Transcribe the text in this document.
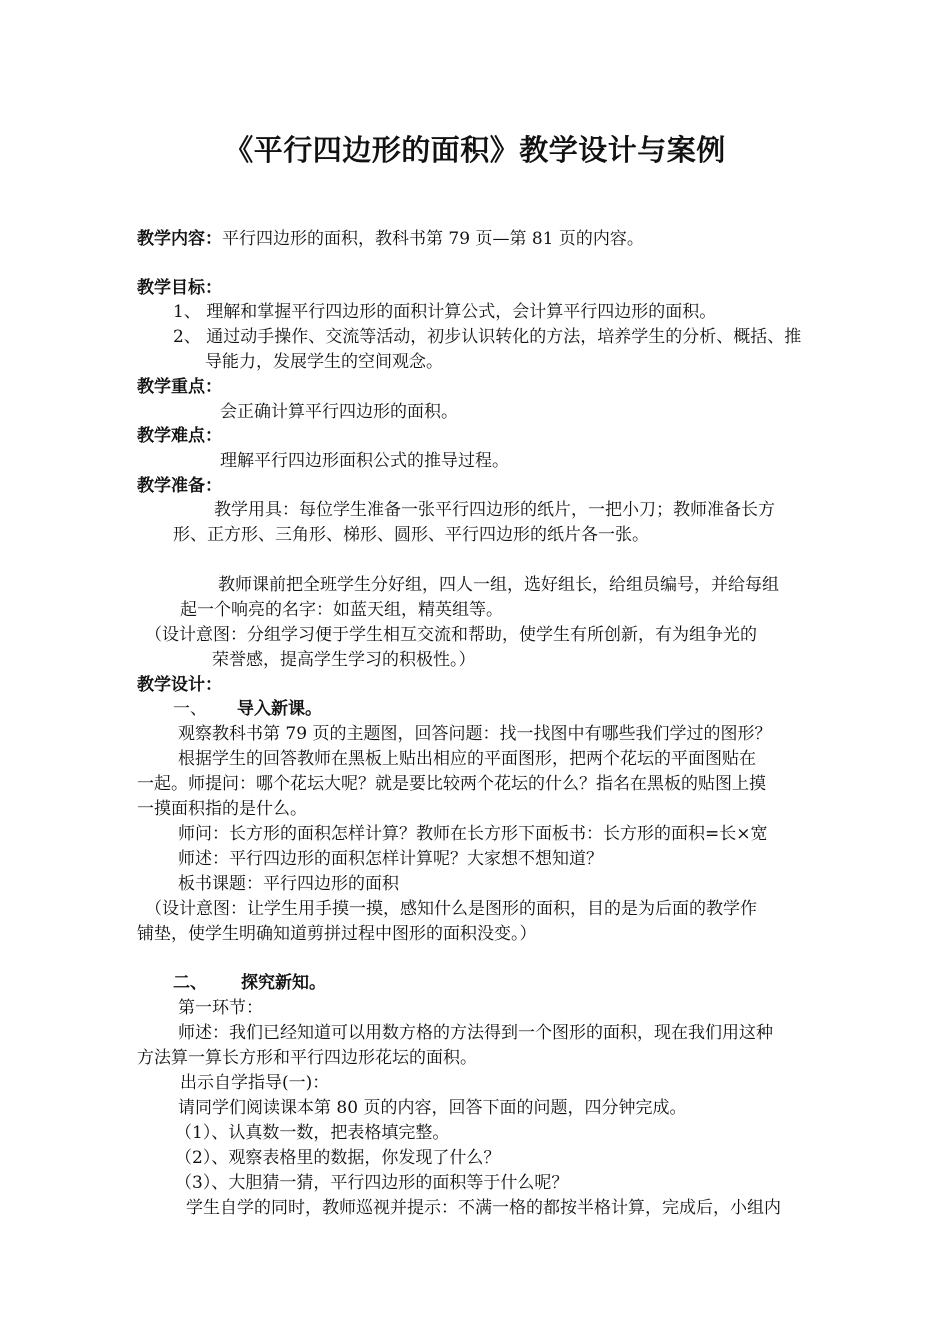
《平行四边形的面积》教学设计与案例
教学内容：平行四边形的面积，教科书第 79 页—第 81 页的内容。
教学目标：
1、 理解和掌握平行四边形的面积计算公式，会计算平行四边形的面积。
2、 通过动手操作、交流等活动，初步认识转化的方法，培养学生的分析、概括、推
导能力，发展学生的空间观念。
教学重点：
会正确计算平行四边形的面积。
教学难点：
理解平行四边形面积公式的推导过程。
教学准备：
教学用具：每位学生准备一张平行四边形的纸片，一把小刀；教师准备长方
形、正方形、三角形、梯形、圆形、平行四边形的纸片各一张。
教师课前把全班学生分好组，四人一组，选好组长，给组员编号，并给每组
起一个响亮的名字：如蓝天组，精英组等。
（设计意图：分组学习便于学生相互交流和帮助，使学生有所创新，有为组争光的
荣誉感，提高学生学习的积极性。）
教学设计：
一、 导入新课。
观察教科书第 79 页的主题图，回答问题：找一找图中有哪些我们学过的图形？
根据学生的回答教师在黑板上贴出相应的平面图形，把两个花坛的平面图贴在
一起。师提问：哪个花坛大呢？就是要比较两个花坛的什么？指名在黑板的贴图上摸
一摸面积指的是什么。
师问：长方形的面积怎样计算？教师在长方形下面板书：长方形的面积=长×宽
师述：平行四边形的面积怎样计算呢？大家想不想知道？
板书课题：平行四边形的面积
（设计意图：让学生用手摸一摸，感知什么是图形的面积，目的是为后面的教学作
铺垫，使学生明确知道剪拼过程中图形的面积没变。）
二、 探究新知。
第一环节：
师述：我们已经知道可以用数方格的方法得到一个图形的面积，现在我们用这种
方法算一算长方形和平行四边形花坛的面积。
出示自学指导(一)：
请同学们阅读课本第 80 页的内容，回答下面的问题，四分钟完成。
（1）、认真数一数，把表格填完整。
（2）、观察表格里的数据，你发现了什么？
（3）、大胆猜一猜，平行四边形的面积等于什么呢？
学生自学的同时，教师巡视并提示：不满一格的都按半格计算，完成后，小组内
